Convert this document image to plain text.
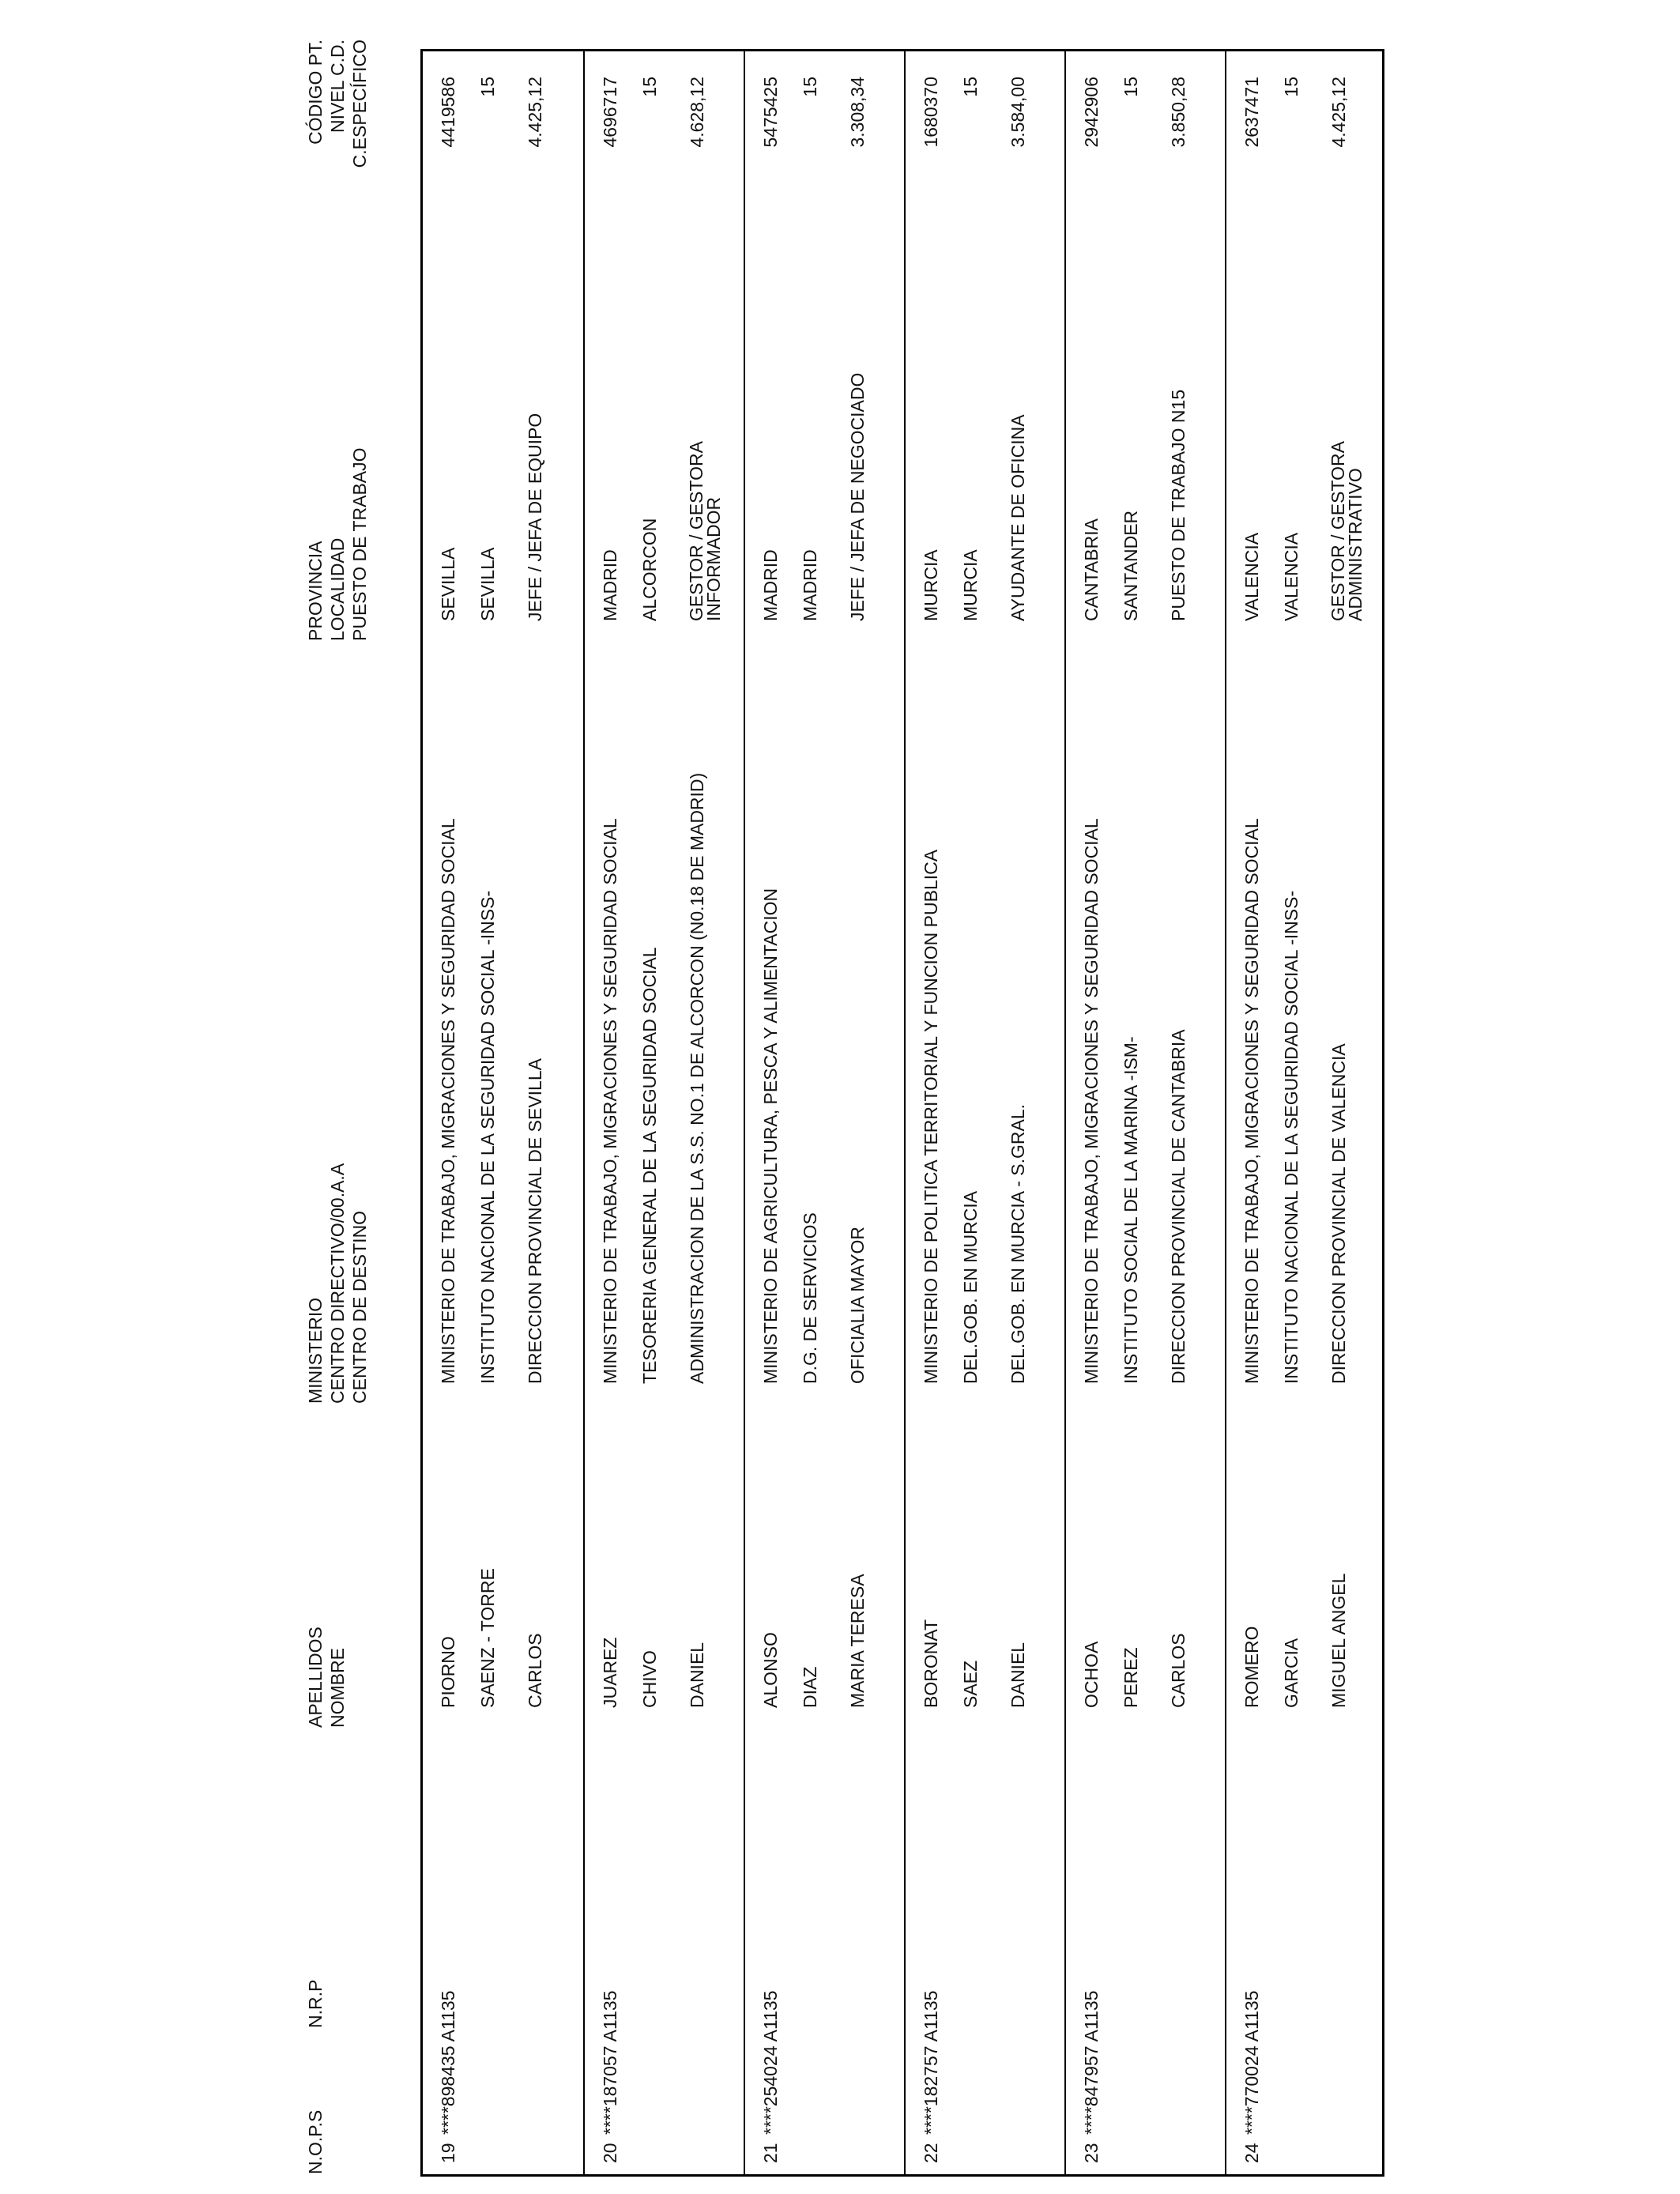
N.O.P.S
N.R.P
APELLIDOS NOMBRE
MINISTERIO CENTRO DIRECTIVO/00.A.A CENTRO DE DESTINO
PROVINCIA LOCALIDAD PUESTO DE TRABAJO
CÓDIGO PT. NIVEL C.D. C.ESPECÍFICO
19
****898435 A1135
PIORNO SAENZ - TORRE CARLOS
MINISTERIO DE TRABAJO, MIGRACIONES Y SEGURIDAD SOCIAL INSTITUTO NACIONAL DE LA SEGURIDAD SOCIAL -INSS- DIRECCION PROVINCIAL DE SEVILLA
SEVILLA SEVILLA JEFE / JEFA DE EQUIPO
4419586 15 4.425,12
20
****187057 A1135
JUAREZ CHIVO DANIEL
MINISTERIO DE TRABAJO, MIGRACIONES Y SEGURIDAD SOCIAL TESORERIA GENERAL DE LA SEGURIDAD SOCIAL ADMINISTRACION DE LA S.S. NO.1 DE ALCORCON (N0.18 DE MADRID)
MADRID ALCORCON GESTOR / GESTORA INFORMADOR
4696717 15 4.628,12
21
****254024 A1135
ALONSO DIAZ MARIA TERESA
MINISTERIO DE AGRICULTURA, PESCA Y ALIMENTACION D.G. DE SERVICIOS OFICIALIA MAYOR
MADRID MADRID JEFE / JEFA DE NEGOCIADO
5475425 15 3.308,34
22
****182757 A1135
BORONAT SAEZ DANIEL
MINISTERIO DE POLITICA TERRITORIAL Y FUNCION PUBLICA DEL.GOB. EN MURCIA DEL.GOB. EN MURCIA - S.GRAL.
MURCIA MURCIA AYUDANTE DE OFICINA
1680370 15 3.584,00
23
****847957 A1135
OCHOA PEREZ CARLOS
MINISTERIO DE TRABAJO, MIGRACIONES Y SEGURIDAD SOCIAL INSTITUTO SOCIAL DE LA MARINA -ISM- DIRECCION PROVINCIAL DE CANTABRIA
CANTABRIA SANTANDER PUESTO DE TRABAJO N15
2942906 15 3.850,28
24
****770024 A1135
ROMERO GARCIA MIGUEL ANGEL
MINISTERIO DE TRABAJO, MIGRACIONES Y SEGURIDAD SOCIAL INSTITUTO NACIONAL DE LA SEGURIDAD SOCIAL -INSS- DIRECCION PROVINCIAL DE VALENCIA
VALENCIA VALENCIA GESTOR / GESTORA ADMINISTRATIVO
2637471 15 4.425,12
